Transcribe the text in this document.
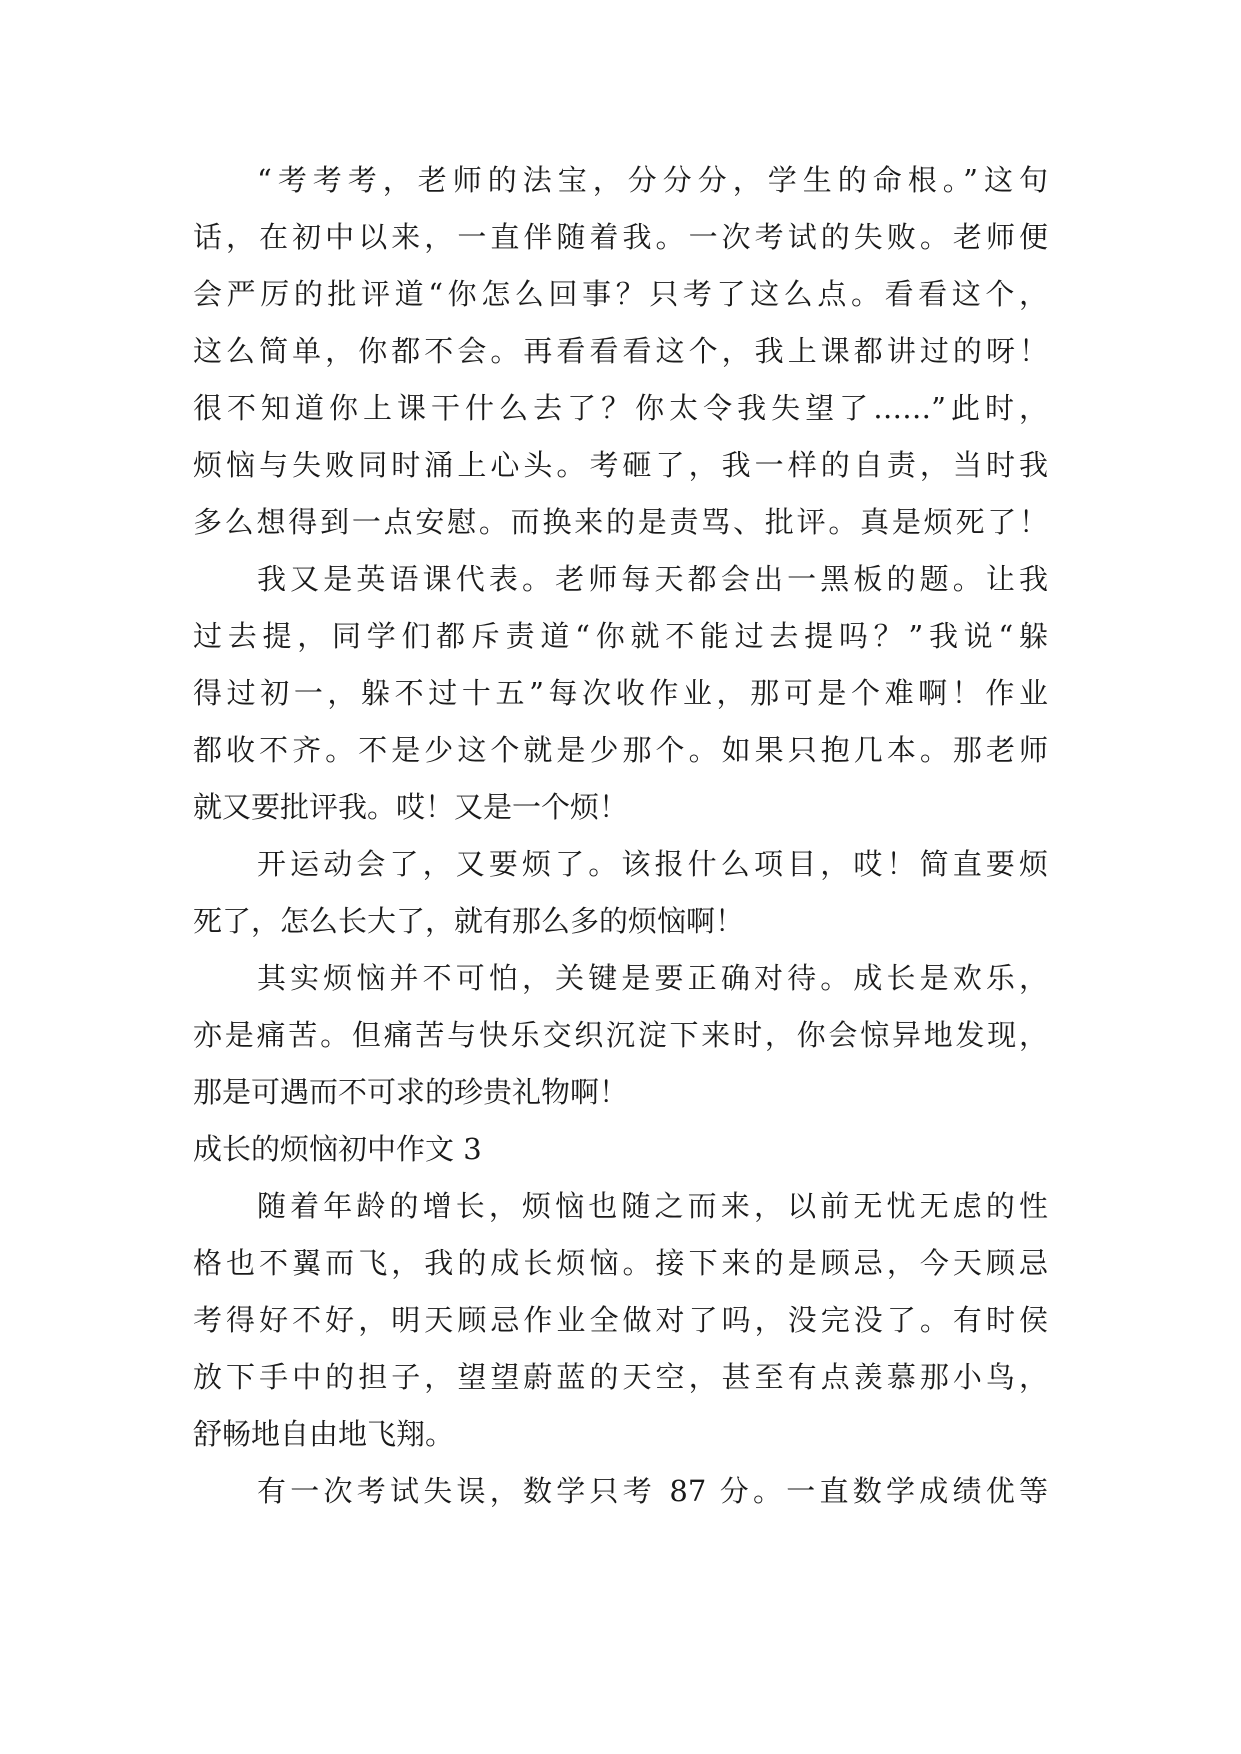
“考考考，老师的法宝，分分分，学生的命根。”这句
话，在初中以来，一直伴随着我。一次考试的失败。老师便
会严厉的批评道“你怎么回事？只考了这么点。看看这个，
这么简单，你都不会。再看看看这个，我上课都讲过的呀！
很不知道你上课干什么去了？你太令我失望了……”此时，
烦恼与失败同时涌上心头。考砸了，我一样的自责，当时我
多么想得到一点安慰。而换来的是责骂、批评。真是烦死了！
我又是英语课代表。老师每天都会出一黑板的题。让我
过去提，同学们都斥责道“你就不能过去提吗？”我说“躲
得过初一，躲不过十五”每次收作业，那可是个难啊！作业
都收不齐。不是少这个就是少那个。如果只抱几本。那老师
就又要批评我。哎！又是一个烦！
开运动会了，又要烦了。该报什么项目，哎！简直要烦
死了，怎么长大了，就有那么多的烦恼啊！
其实烦恼并不可怕，关键是要正确对待。成长是欢乐，
亦是痛苦。但痛苦与快乐交织沉淀下来时，你会惊异地发现，
那是可遇而不可求的珍贵礼物啊！
成长的烦恼初中作文 3
随着年龄的增长，烦恼也随之而来，以前无忧无虑的性
格也不翼而飞，我的成长烦恼。接下来的是顾忌，今天顾忌
考得好不好，明天顾忌作业全做对了吗，没完没了。有时侯
放下手中的担子，望望蔚蓝的天空，甚至有点羡慕那小鸟，
舒畅地自由地飞翔。
有一次考试失误，数学只考 87 分。一直数学成绩优等
